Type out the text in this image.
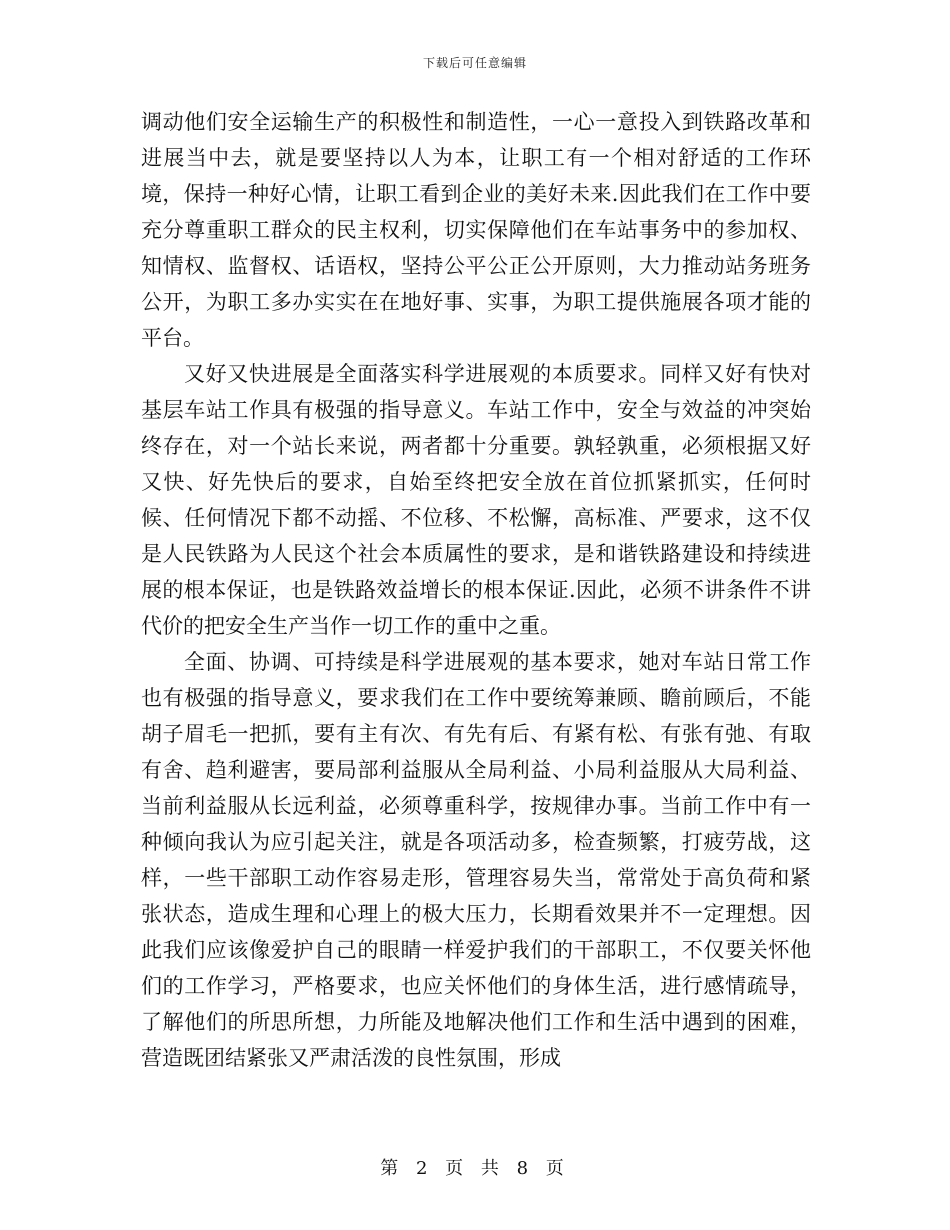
下载后可任意编辑

调动他们安全运输生产的积极性和制造性，一心一意投入到铁路改革和进展当中去，就是要坚持以人为本，让职工有一个相对舒适的工作环境，保持一种好心情，让职工看到企业的美好未来.因此我们在工作中要充分尊重职工群众的民主权利，切实保障他们在车站事务中的参加权、知情权、监督权、话语权，坚持公平公正公开原则，大力推动站务班务公开，为职工多办实实在在地好事、实事，为职工提供施展各项才能的平台。

又好又快进展是全面落实科学进展观的本质要求。同样又好有快对基层车站工作具有极强的指导意义。车站工作中，安全与效益的冲突始终存在，对一个站长来说，两者都十分重要。孰轻孰重，必须根据又好又快、好先快后的要求，自始至终把安全放在首位抓紧抓实，任何时候、任何情况下都不动摇、不位移、不松懈，高标准、严要求，这不仅是人民铁路为人民这个社会本质属性的要求，是和谐铁路建设和持续进展的根本保证，也是铁路效益增长的根本保证.因此，必须不讲条件不讲代价的把安全生产当作一切工作的重中之重。

全面、协调、可持续是科学进展观的基本要求，她对车站日常工作也有极强的指导意义，要求我们在工作中要统筹兼顾、瞻前顾后，不能胡子眉毛一把抓，要有主有次、有先有后、有紧有松、有张有弛、有取有舍、趋利避害，要局部利益服从全局利益、小局利益服从大局利益、当前利益服从长远利益，必须尊重科学，按规律办事。当前工作中有一种倾向我认为应引起关注，就是各项活动多，检查频繁，打疲劳战，这样，一些干部职工动作容易走形，管理容易失当，常常处于高负荷和紧张状态，造成生理和心理上的极大压力，长期看效果并不一定理想。因此我们应该像爱护自己的眼睛一样爱护我们的干部职工，不仅要关怀他们的工作学习，严格要求，也应关怀他们的身体生活，进行感情疏导，了解他们的所思所想，力所能及地解决他们工作和生活中遇到的困难，营造既团结紧张又严肃活泼的良性氛围，形成

第 2 页 共 8 页
